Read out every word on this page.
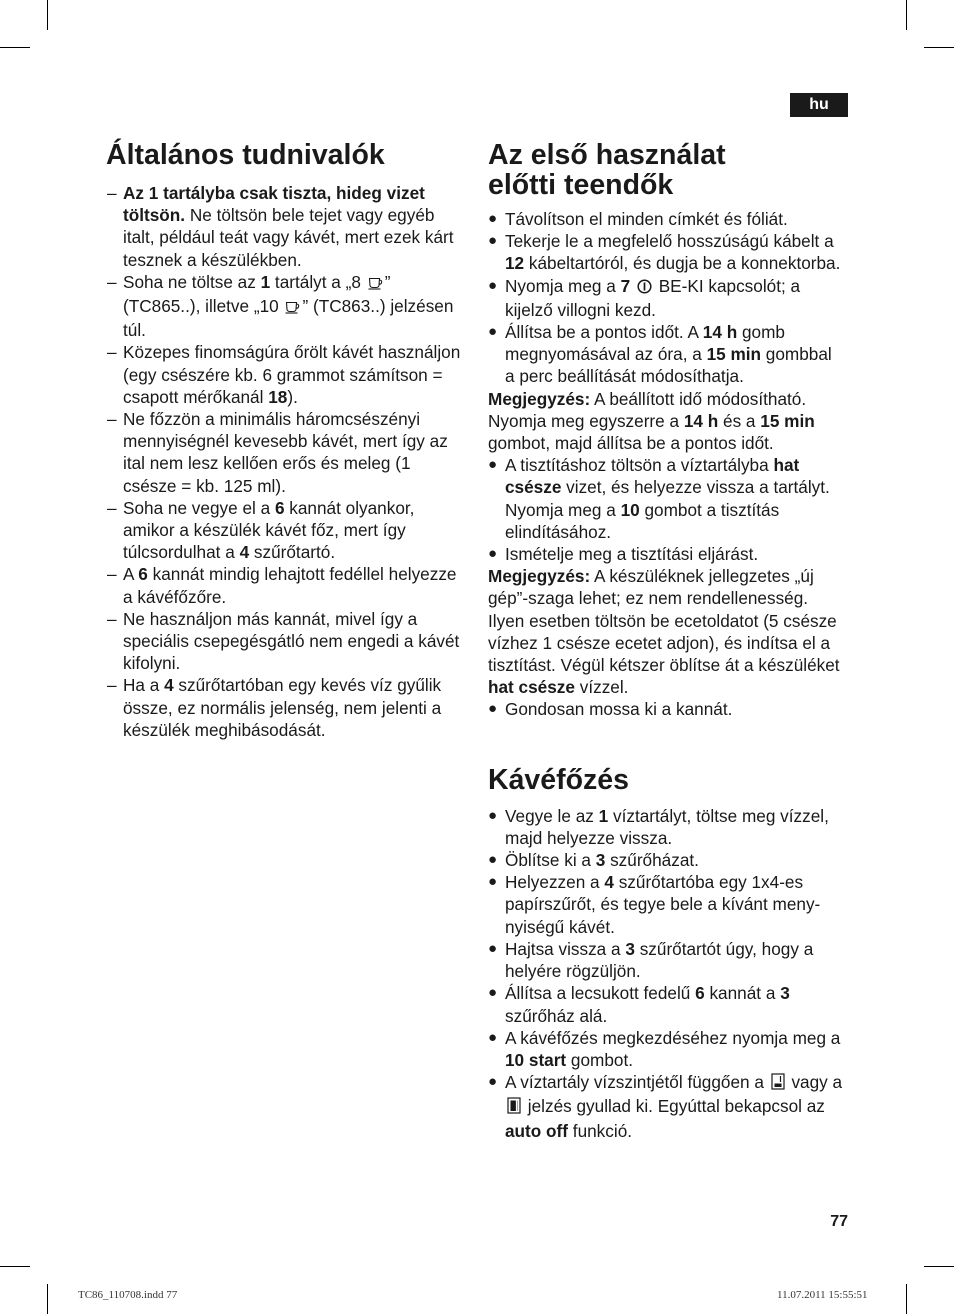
hu
Általános tudnivalók
– Az 1 tartályba csak tiszta, hideg vizet töltsön. Ne töltsön bele tejet vagy egyéb italt, például teát vagy kávét, mert ezek kárt tesznek a készülékben.
– Soha ne töltse az 1 tartályt a „8 ” (TC865..), illetve „10 ” (TC863..) jelzésen túl.
– Közepes finomságúra őrölt kávét használjon (egy csészére kb. 6 grammot számítson = csapott mérőkanál 18).
– Ne főzzön a minimális háromcsészényi mennyiségnél kevesebb kávét, mert így az ital nem lesz kellően erős és meleg (1 csésze = kb. 125 ml).
– Soha ne vegye el a 6 kannát olyankor, amikor a készülék kávét főz, mert így túlcsordulhat a 4 szűrőtartó.
– A 6 kannát mindig lehajtott fedéllel helyezze a kávéfőzőre.
– Ne használjon más kannát, mivel így a speciális csepegésgátló nem engedi a kávét kifolyni.
– Ha a 4 szűrőtartóban egy kevés víz gyűlik össze, ez normális jelenség, nem jelenti a készülék meghibásodását.
Az első használat
előtti teendők
● Távolítson el minden címkét és fóliát.
● Tekerje le a megfelelő hosszúságú kábelt a 12 kábeltartóról, és dugja be a konnektorba.
● Nyomja meg a 7  BE-KI kapcsolót; a kijelző villogni kezd.
● Állítsa be a pontos időt. A 14 h gomb megnyomásával az óra, a 15 min gombbal a perc beállítását módosíthatja.

Megjegyzés: A beállított idő módosítható. Nyomja meg egyszerre a 14 h és a 15 min gombot, majd állítsa be a pontos időt.

● A tisztításhoz töltsön a víztartályba hat csésze vizet, és helyezze vissza a tartályt. Nyomja meg a 10 gombot a tisztítás elindításához.
● Ismételje meg a tisztítási eljárást.

Megjegyzés: A készüléknek jellegzetes „új gép”-szaga lehet; ez nem rendellenesség. Ilyen esetben töltsön be ecetoldatot (5 csésze vízhez 1 csésze ecetet adjon), és indítsa el a tisztítást. Végül kétszer öblítse át a készüléket hat csésze vízzel.

● Gondosan mossa ki a kannát.
Kávéfőzés
● Vegye le az 1 víztartályt, töltse meg vízzel, majd helyezze vissza.
● Öblítse ki a 3 szűrőházat.
● Helyezzen a 4 szűrőtartóba egy 1x4-es papírszűrőt, és tegye bele a kívánt menynyiségű kávét.
● Hajtsa vissza a 3 szűrőtartót úgy, hogy a helyére rögzüljön.
● Állítsa a lecsukott fedelű 6 kannát a 3 szűrőház alá.
● A kávéfőzés megkezdéséhez nyomja meg a 10 start gombot.
● A víztartály vízszintjétől függően a  vagy a  jelzés gyullad ki. Egyúttal bekapcsol az auto off funkció.
77
TC86_110708.indd 77	11.07.2011 15:55:51
